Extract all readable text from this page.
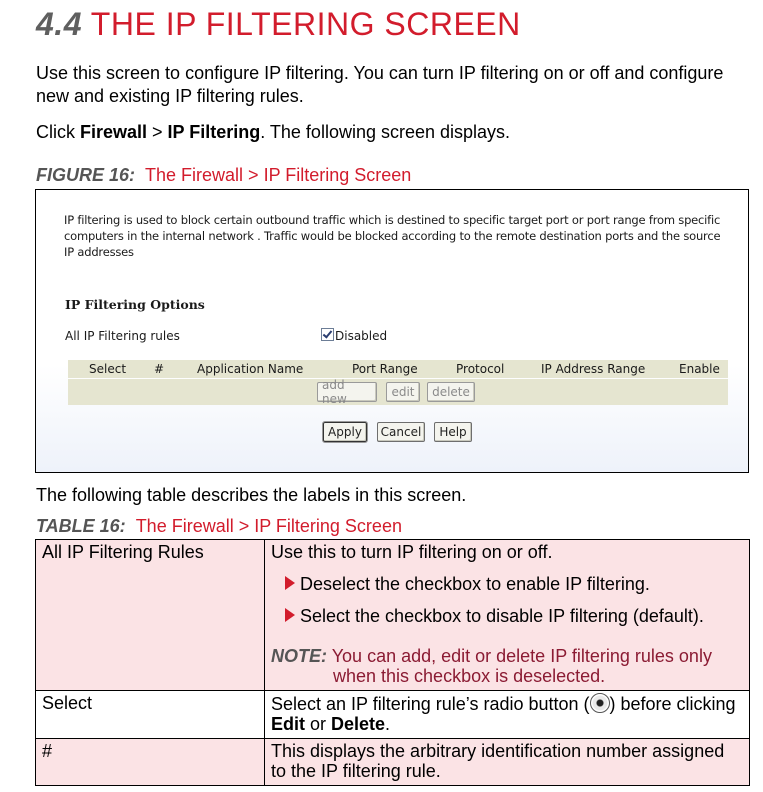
4.4 THE IP FILTERING SCREEN
Use this screen to configure IP filtering. You can turn IP filtering on or off and configure new and existing IP filtering rules.
Click Firewall > IP Filtering. The following screen displays.
FIGURE 16: The Firewall > IP Filtering Screen
IP filtering is used to block certain outbound traffic which is destined to specific target port or port range from specific computers in the internal network . Traffic would be blocked according to the remote destination ports and the source IP addresses
IP Filtering Options
All IP Filtering rules	Disabled
Select #	Application Name	Port Range	Protocol	IP Address Range	Enable
add new	edit	delete
Apply	Cancel	Help
The following table describes the labels in this screen.
TABLE 16: The Firewall > IP Filtering Screen
All IP Filtering Rules	Use this to turn IP filtering on or off.
Deselect the checkbox to enable IP filtering.
Select the checkbox to disable IP filtering (default).
NOTE: You can add, edit or delete IP filtering rules only
when this checkbox is deselected.

Select	Select an IP filtering rule’s radio button ( ) before clicking Edit or Delete.
#	This displays the arbitrary identification number assigned to the IP filtering rule.
